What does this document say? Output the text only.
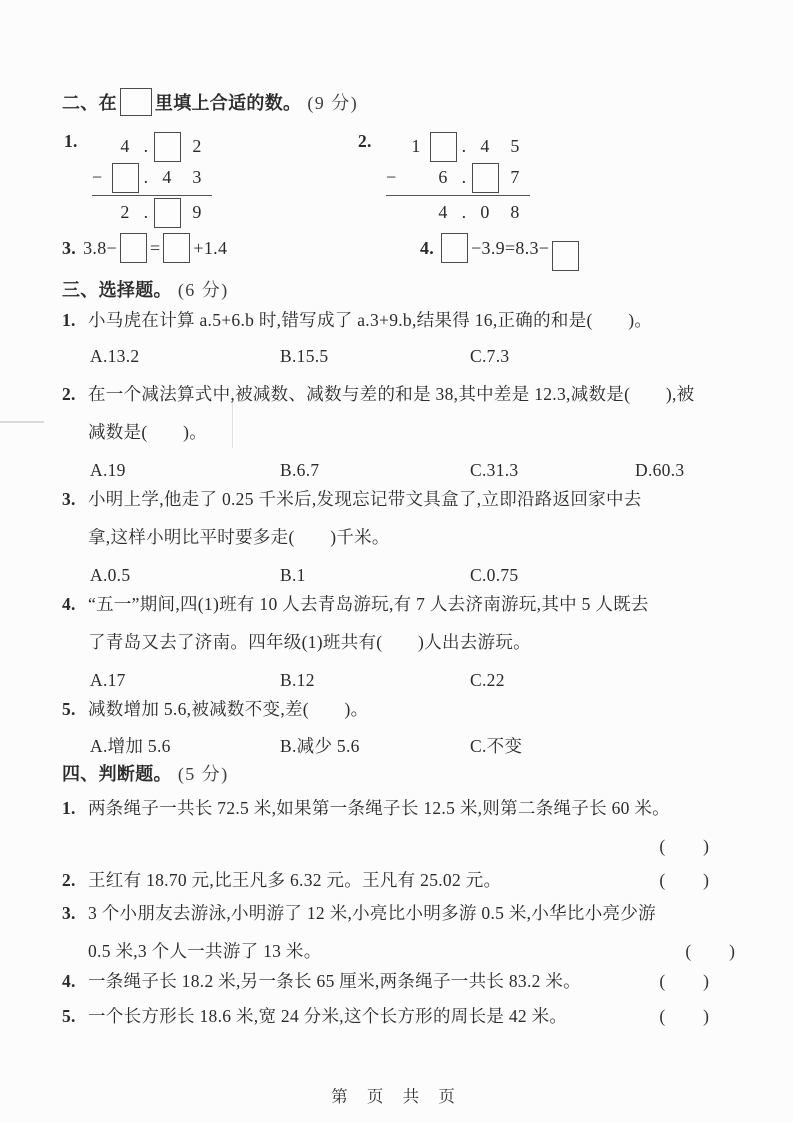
二、在 里填上合适的数。 (9 分)
1.	4 .	2
−	. 4	3
2 .	9
2.	1	. 4	5
−	6 .	7
4 . 0	8
3. 3.8− = +1.4	4. −3.9=8.3−
三、选择题。 (6 分)
1. 小马虎在计算 a.5+6.b 时,错写成了 a.3+9.b,结果得 16,正确的和是(　　)。
A.13.2	B.15.5	C.7.3
2. 在一个减法算式中,被减数、减数与差的和是 38,其中差是 12.3,减数是(　　),被
减数是(　　)。
A.19	B.6.7	C.31.3	D.60.3
3. 小明上学,他走了 0.25 千米后,发现忘记带文具盒了,立即沿路返回家中去
拿,这样小明比平时要多走(　　)千米。
A.0.5	B.1	C.0.75
4. “五一”期间,四(1)班有 10 人去青岛游玩,有 7 人去济南游玩,其中 5 人既去
了青岛又去了济南。四年级(1)班共有(　　)人出去游玩。
A.17	B.12	C.22
5. 减数增加 5.6,被减数不变,差(　　)。
A.增加 5.6	B.减少 5.6	C.不变
四、判断题。 (5 分)
1. 两条绳子一共长 72.5 米,如果第一条绳子长 12.5 米,则第二条绳子长 60 米。
(　　)
2. 王红有 18.70 元,比王凡多 6.32 元。王凡有 25.02 元。	(　　)
3. 3 个小朋友去游泳,小明游了 12 米,小亮比小明多游 0.5 米,小华比小亮少游
0.5 米,3 个人一共游了 13 米。	(　　)
4. 一条绳子长 18.2 米,另一条长 65 厘米,两条绳子一共长 83.2 米。	(　　)
5. 一个长方形长 18.6 米,宽 24 分米,这个长方形的周长是 42 米。	(　　)
第 页 共 页
